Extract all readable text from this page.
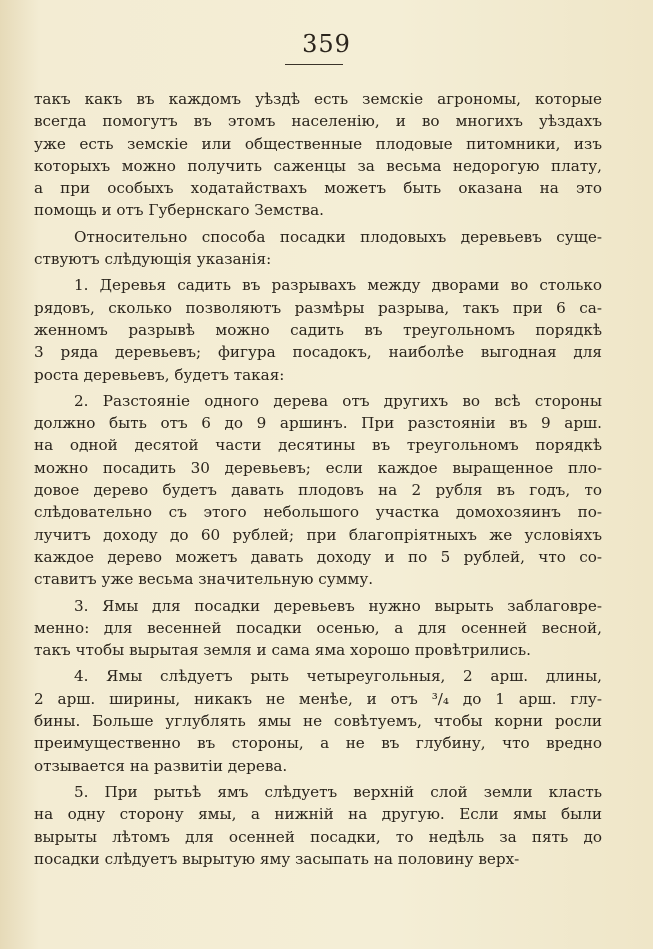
359
такъ какъ въ каждомъ уѣздѣ есть земскіе агрономы, которые
всегда помогутъ въ этомъ населенію, и во многихъ уѣздахъ
уже есть земскіе или общественные плодовые питомники, изъ
которыхъ можно получить саженцы за весьма недорогую плату,
а при особыхъ ходатайствахъ можетъ быть оказана на это
помощь и отъ Губернскаго Земства.
Относительно способа посадки плодовыхъ деревьевъ суще-
ствуютъ слѣдующія указанія:
1. Деревья садить въ разрывахъ между дворами во столько
рядовъ, сколько позволяютъ размѣры разрыва, такъ при 6 са-
женномъ разрывѣ можно садить въ треугольномъ порядкѣ
3 ряда деревьевъ; фигура посадокъ, наиболѣе выгодная для
роста деревьевъ, будетъ такая:
2. Разстояніе одного дерева отъ другихъ во всѣ стороны
должно быть отъ 6 до 9 аршинъ. При разстояніи въ 9 арш.
на одной десятой части десятины въ треугольномъ порядкѣ
можно посадить 30 деревьевъ; если каждое выращенное пло-
довое дерево будетъ давать плодовъ на 2 рубля въ годъ, то
слѣдовательно съ этого небольшого участка домохозяинъ по-
лучитъ доходу до 60 рублей; при благопріятныхъ же условіяхъ
каждое дерево можетъ давать доходу и по 5 рублей, что со-
ставитъ уже весьма значительную сумму.
3. Ямы для посадки деревьевъ нужно вырыть заблаговре-
менно: для весенней посадки осенью, а для осенней весной,
такъ чтобы вырытая земля и сама яма хорошо провѣтрились.
4. Ямы слѣдуетъ рыть четыреугольныя, 2 арш. длины,
2 арш. ширины, никакъ не менѣе, и отъ ³/₄ до 1 арш. глу-
бины. Больше углублять ямы не совѣтуемъ, чтобы корни росли
преимущественно въ стороны, а не въ глубину, что вредно
отзывается на развитіи дерева.
5. При рытьѣ ямъ слѣдуетъ верхній слой земли класть
на одну сторону ямы, а нижній на другую. Если ямы были
вырыты лѣтомъ для осенней посадки, то недѣль за пять до
посадки слѣдуетъ вырытую яму засыпать на половину верх-
